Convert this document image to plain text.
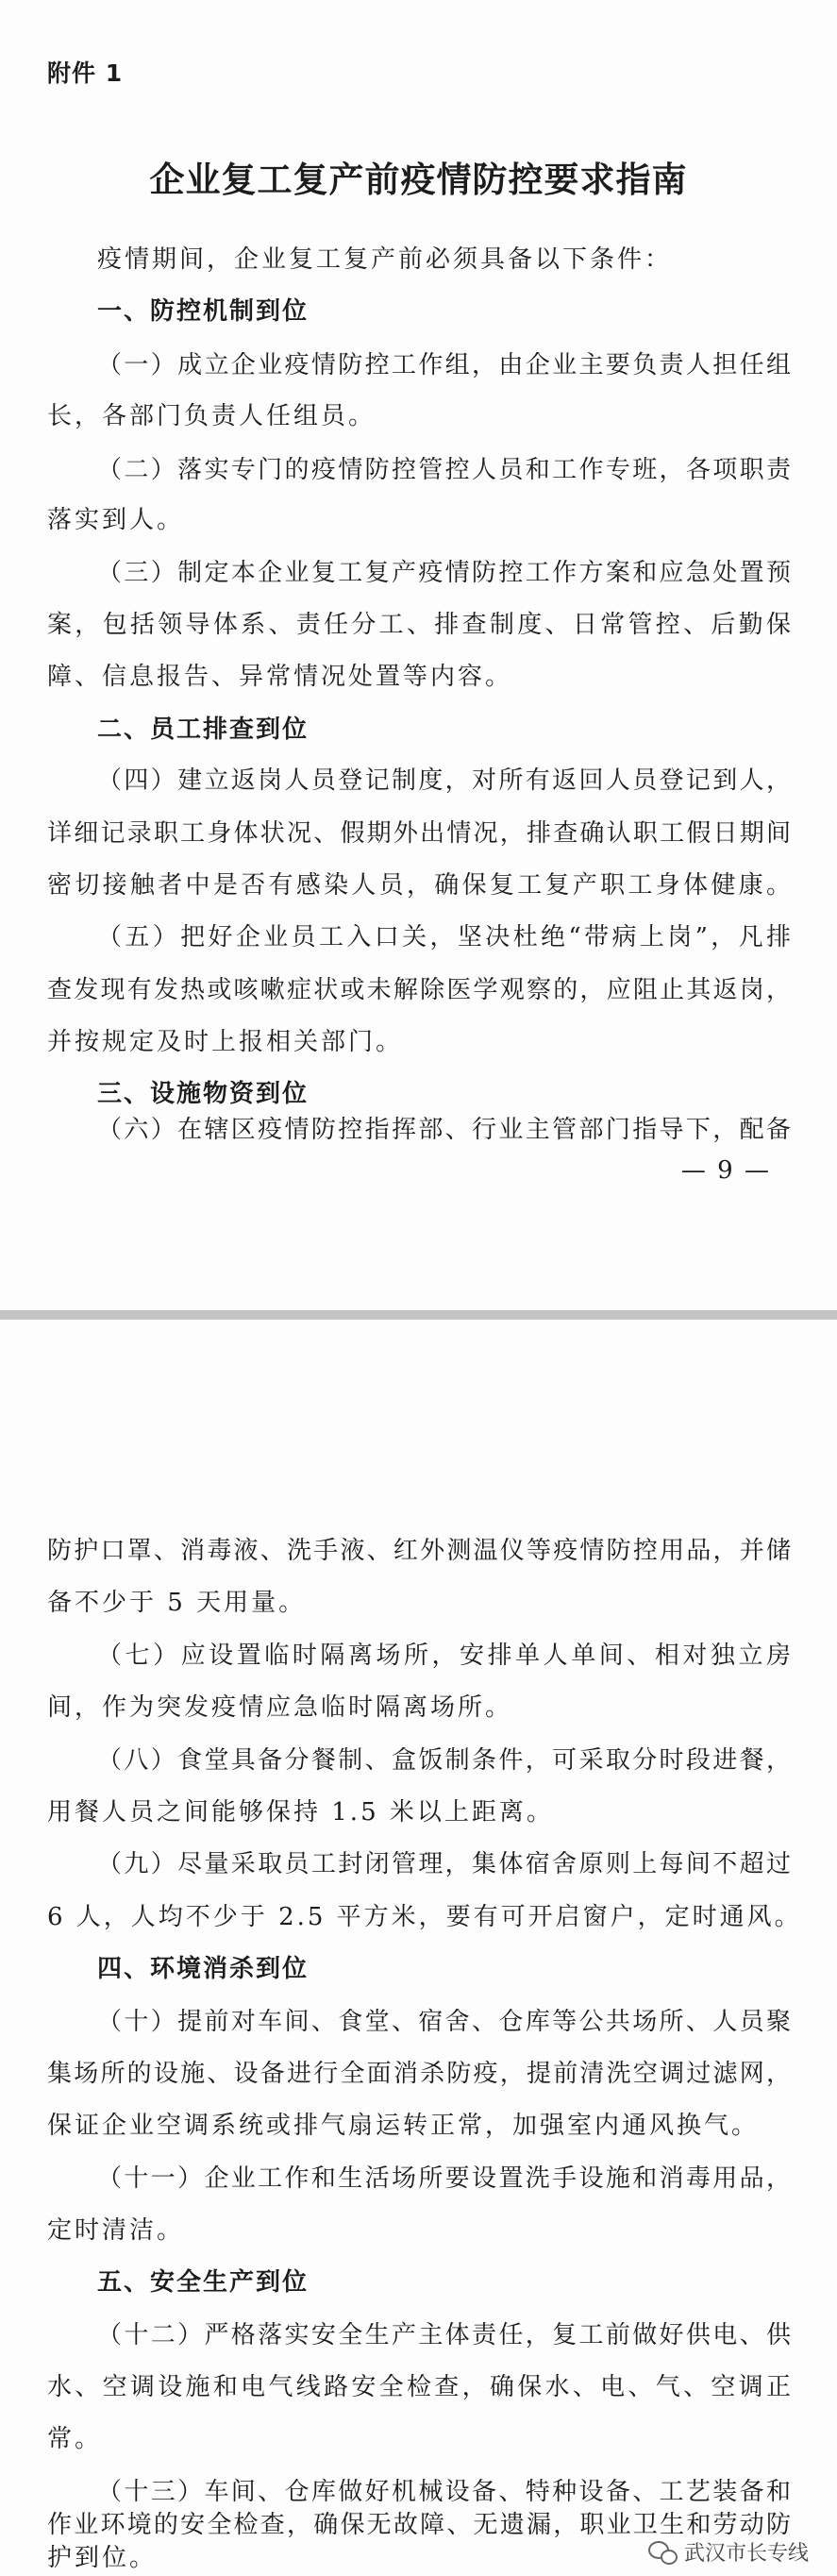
附件 1
企业复工复产前疫情防控要求指南
疫情期间，企业复工复产前必须具备以下条件：
一、防控机制到位
（一）成立企业疫情防控工作组，由企业主要负责人担任组
长，各部门负责人任组员。
（二）落实专门的疫情防控管控人员和工作专班，各项职责
落实到人。
（三）制定本企业复工复产疫情防控工作方案和应急处置预
案，包括领导体系、责任分工、排查制度、日常管控、后勤保
障、信息报告、异常情况处置等内容。
二、员工排查到位
（四）建立返岗人员登记制度，对所有返回人员登记到人，
详细记录职工身体状况、假期外出情况，排查确认职工假日期间
密切接触者中是否有感染人员，确保复工复产职工身体健康。
（五）把好企业员工入口关，坚决杜绝“带病上岗”，凡排
查发现有发热或咳嗽症状或未解除医学观察的，应阻止其返岗，
并按规定及时上报相关部门。
三、设施物资到位
（六）在辖区疫情防控指挥部、行业主管部门指导下，配备
— 9 —
防护口罩、消毒液、洗手液、红外测温仪等疫情防控用品，并储
备不少于 5 天用量。
（七）应设置临时隔离场所，安排单人单间、相对独立房
间，作为突发疫情应急临时隔离场所。
（八）食堂具备分餐制、盒饭制条件，可采取分时段进餐，
用餐人员之间能够保持 1.5 米以上距离。
（九）尽量采取员工封闭管理，集体宿舍原则上每间不超过
6 人，人均不少于 2.5 平方米，要有可开启窗户，定时通风。
四、环境消杀到位
（十）提前对车间、食堂、宿舍、仓库等公共场所、人员聚
集场所的设施、设备进行全面消杀防疫，提前清洗空调过滤网，
保证企业空调系统或排气扇运转正常，加强室内通风换气。
（十一）企业工作和生活场所要设置洗手设施和消毒用品，
定时清洁。
五、安全生产到位
（十二）严格落实安全生产主体责任，复工前做好供电、供
水、空调设施和电气线路安全检查，确保水、电、气、空调正
常。
（十三）车间、仓库做好机械设备、特种设备、工艺装备和
作业环境的安全检查，确保无故障、无遗漏，职业卫生和劳动防
护到位。	武汉市长专线
